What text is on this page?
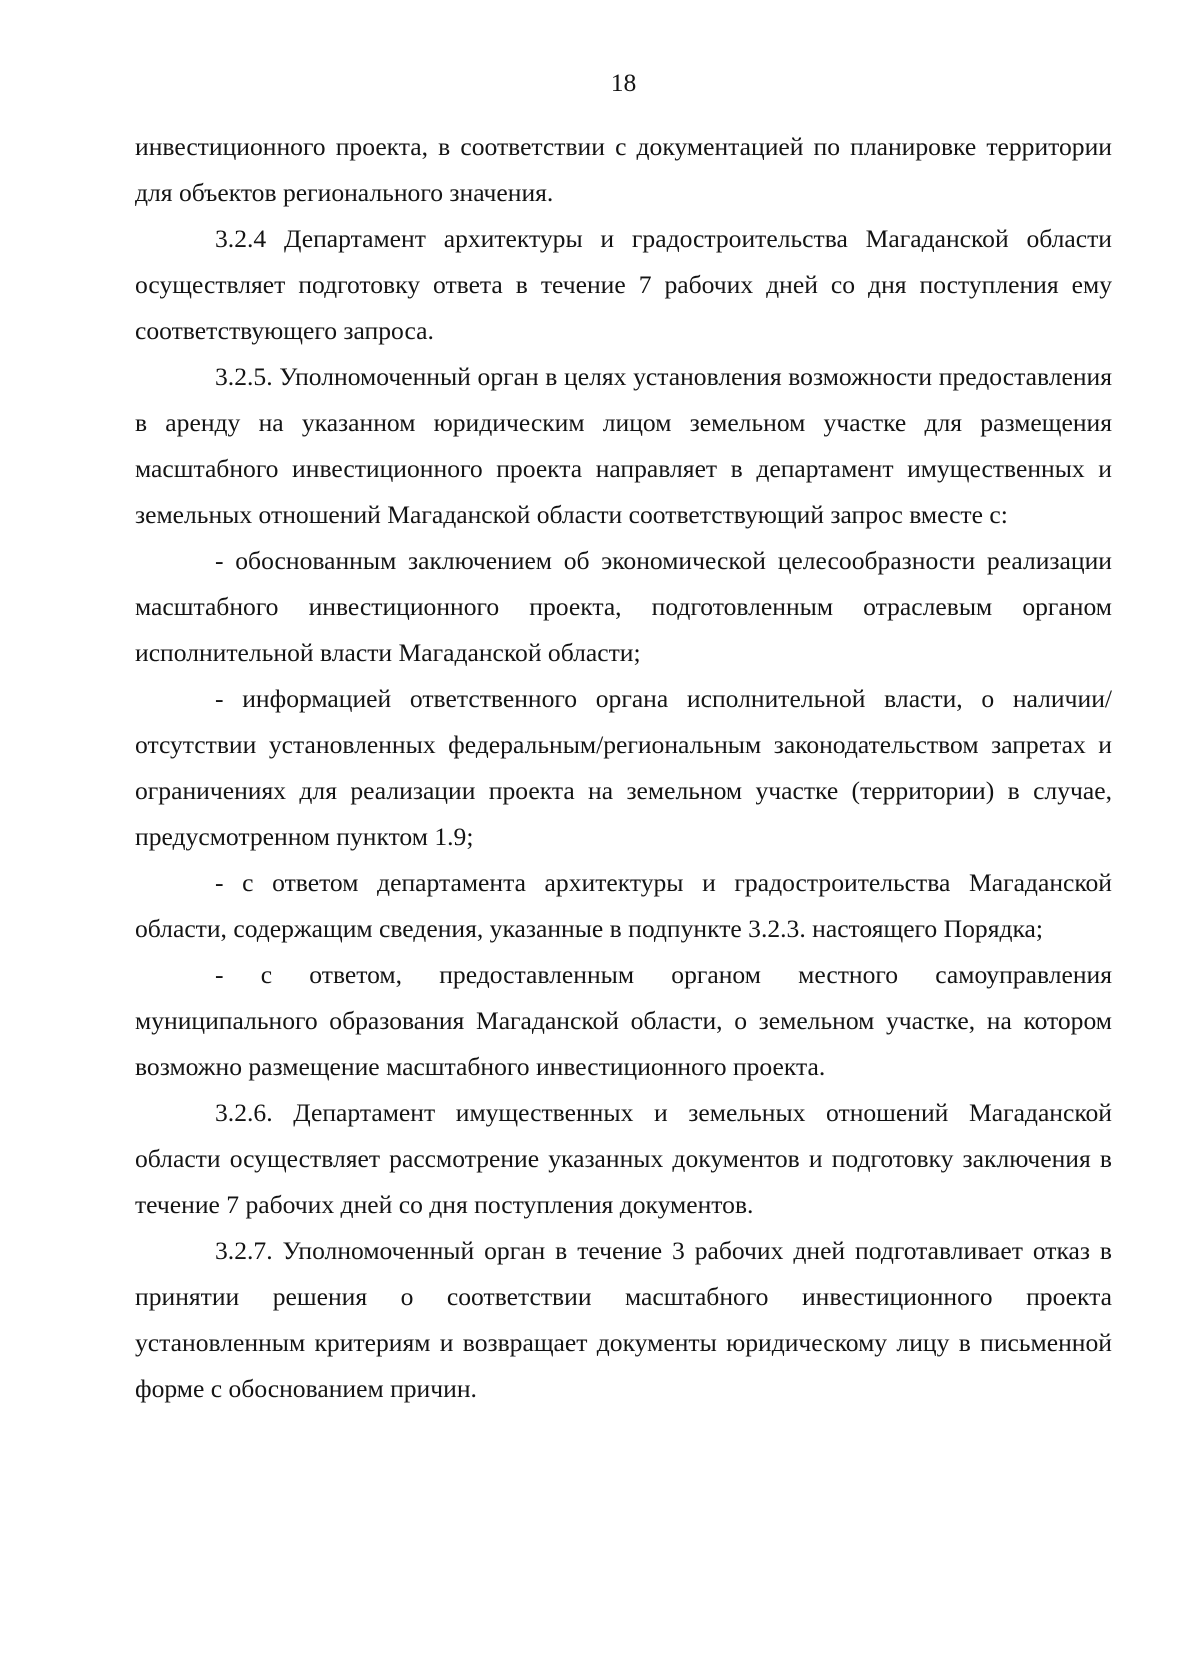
18

инвестиционного проекта, в соответствии с документацией по планировке территории для объектов регионального значения.

3.2.4 Департамент архитектуры и градостроительства Магаданской области осуществляет подготовку ответа в течение 7 рабочих дней со дня поступления ему соответствующего запроса.

3.2.5. Уполномоченный орган в целях установления возможности предоставления в аренду на указанном юридическим лицом земельном участке для размещения масштабного инвестиционного проекта направляет в департамент имущественных и земельных отношений Магаданской области соответствующий запрос вместе с:

- обоснованным заключением об экономической целесообразности реализации масштабного инвестиционного проекта, подготовленным отраслевым органом исполнительной власти Магаданской области;

- информацией ответственного органа исполнительной власти, о наличии/отсутствии установленных федеральным/региональным законодательством запретах и ограничениях для реализации проекта на земельном участке (территории) в случае, предусмотренном пунктом 1.9;

- с ответом департамента архитектуры и градостроительства Магаданской области, содержащим сведения, указанные в подпункте 3.2.3. настоящего Порядка;

- с ответом, предоставленным органом местного самоуправления муниципального образования Магаданской области, о земельном участке, на котором возможно размещение масштабного инвестиционного проекта.

3.2.6. Департамент имущественных и земельных отношений Магаданской области осуществляет рассмотрение указанных документов и подготовку заключения в течение 7 рабочих дней со дня поступления документов.

3.2.7. Уполномоченный орган в течение 3 рабочих дней подготавливает отказ в принятии решения о соответствии масштабного инвестиционного проекта установленным критериям и возвращает документы юридическому лицу в письменной форме с обоснованием причин.
